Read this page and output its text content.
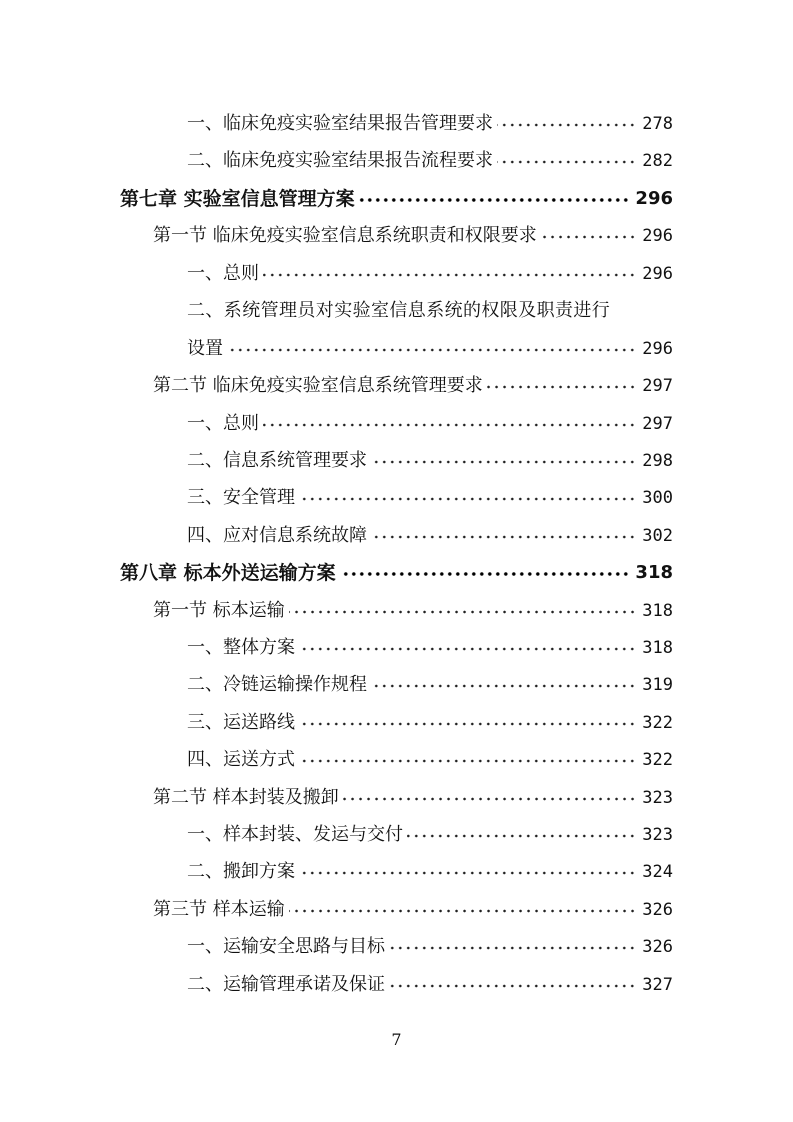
一、临床免疫实验室结果报告管理要求	278
二、临床免疫实验室结果报告流程要求	282
第七章 实验室信息管理方案	296
第一节 临床免疫实验室信息系统职责和权限要求	296
一、总则	296
二、系统管理员对实验室信息系统的权限及职责进行
设置	296
第二节 临床免疫实验室信息系统管理要求	297
一、总则	297
二、信息系统管理要求	298
三、安全管理	300
四、应对信息系统故障	302
第八章 标本外送运输方案	318
第一节 标本运输	318
一、整体方案	318
二、冷链运输操作规程	319
三、运送路线	322
四、运送方式	322
第二节 样本封装及搬卸	323
一、样本封装、发运与交付	323
二、搬卸方案	324
第三节 样本运输	326
一、运输安全思路与目标	326
二、运输管理承诺及保证	327
7
